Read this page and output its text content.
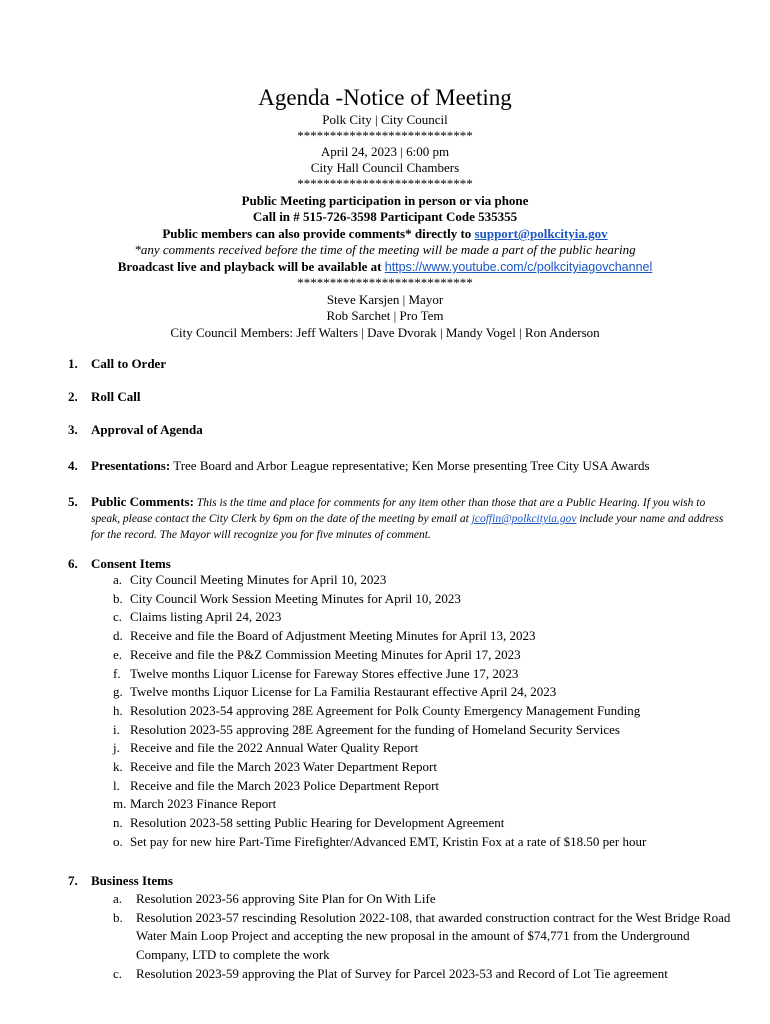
Agenda -Notice of Meeting
Polk City | City Council
***************************
April 24, 2023 | 6:00 pm
City Hall Council Chambers
***************************
Public Meeting participation in person or via phone
Call in # 515-726-3598 Participant Code 535355
Public members can also provide comments* directly to support@polkcityia.gov
*any comments received before the time of the meeting will be made a part of the public hearing
Broadcast live and playback will be available at https://www.youtube.com/c/polkcityiagovchannel
***************************
Steve Karsjen | Mayor
Rob Sarchet | Pro Tem
City Council Members: Jeff Walters | Dave Dvorak | Mandy Vogel | Ron Anderson
1. Call to Order
2. Roll Call
3. Approval of Agenda
4. Presentations: Tree Board and Arbor League representative; Ken Morse presenting Tree City USA Awards
5.	Public Comments: This is the time and place for comments for any item other than those that are a Public Hearing. If you wish to speak, please contact the City Clerk by 6pm on the date of the meeting by email at jcoffin@polkcityia.gov include your name and address for the record. The Mayor will recognize you for five minutes of comment.
6. Consent Items
a. City Council Meeting Minutes for April 10, 2023
b. City Council Work Session Meeting Minutes for April 10, 2023
c. Claims listing April 24, 2023
d. Receive and file the Board of Adjustment Meeting Minutes for April 13, 2023
e. Receive and file the P&Z Commission Meeting Minutes for April 17, 2023
f. Twelve months Liquor License for Fareway Stores effective June 17, 2023
g. Twelve months Liquor License for La Familia Restaurant effective April 24, 2023
h. Resolution 2023-54 approving 28E Agreement for Polk County Emergency Management Funding
i. Resolution 2023-55 approving 28E Agreement for the funding of Homeland Security Services
j. Receive and file the 2022 Annual Water Quality Report
k. Receive and file the March 2023 Water Department Report
l. Receive and file the March 2023 Police Department Report
m. March 2023 Finance Report
n. Resolution 2023-58 setting Public Hearing for Development Agreement
o. Set pay for new hire Part-Time Firefighter/Advanced EMT, Kristin Fox at a rate of $18.50 per hour
7. Business Items
a. Resolution 2023-56 approving Site Plan for On With Life
b. Resolution 2023-57 rescinding Resolution 2022-108, that awarded construction contract for the West Bridge Road Water Main Loop Project and accepting the new proposal in the amount of $74,771 from the Underground Company, LTD to complete the work
c. Resolution 2023-59 approving the Plat of Survey for Parcel 2023-53 and Record of Lot Tie agreement
